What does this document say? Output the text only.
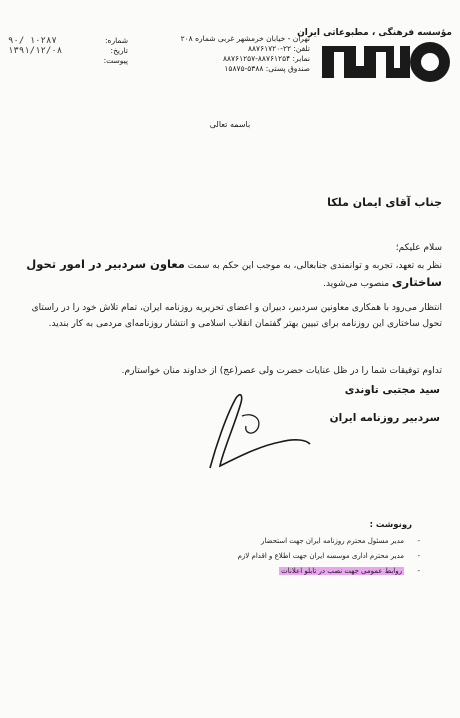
مؤسسه فرهنگی ، مطبوعاتی ایران
تهران - خیابان خرمشهر غربی شماره ۲۰۸
تلفن: ۲۲-۸۸۷۶۱۷۲۰
نمابر: ۸۸۷۶۱۲۵۴-۸۸۷۶۱۲۵۷
صندوق پستی: ۵۳۸۸-۱۵۸۷۵
شماره:
۱۰۲۸۷ /۹۰
تاریخ:
۱۳۹۱/۱۲/۰۸
پیوست:
باسمه تعالی
جناب آقای ایمان ملکا
سلام علیکم؛
نظر به تعهد، تجربه و توانمندی جنابعالی، به موجب این حکم به سمت معاون سردبیر در امور تحول ساختاری منصوب می‌شوید.
انتظار می‌رود با همکاری معاونین سردبیر، دبیران و اعضای تحریریه روزنامه ایران، تمام تلاش خود را در راستای تحول ساختاری این روزنامه برای تبیین بهتر گفتمان انقلاب اسلامی و انتشار روزنامه‌ای مردمی به کار بندید.
تداوم توفیقات شما را در ظل عنایات حضرت ولی عصر(عج) از خداوند منان خواستارم.
سید مجتبی تاوندی
سردبیر روزنامه ایران
رونوشت :
-
مدیر مسئول محترم روزنامه ایران جهت استحضار
-
مدیر محترم اداری موسسه ایران جهت اطلاع و اقدام لازم
-
روابط عمومی جهت نصب در تابلو اعلانات
